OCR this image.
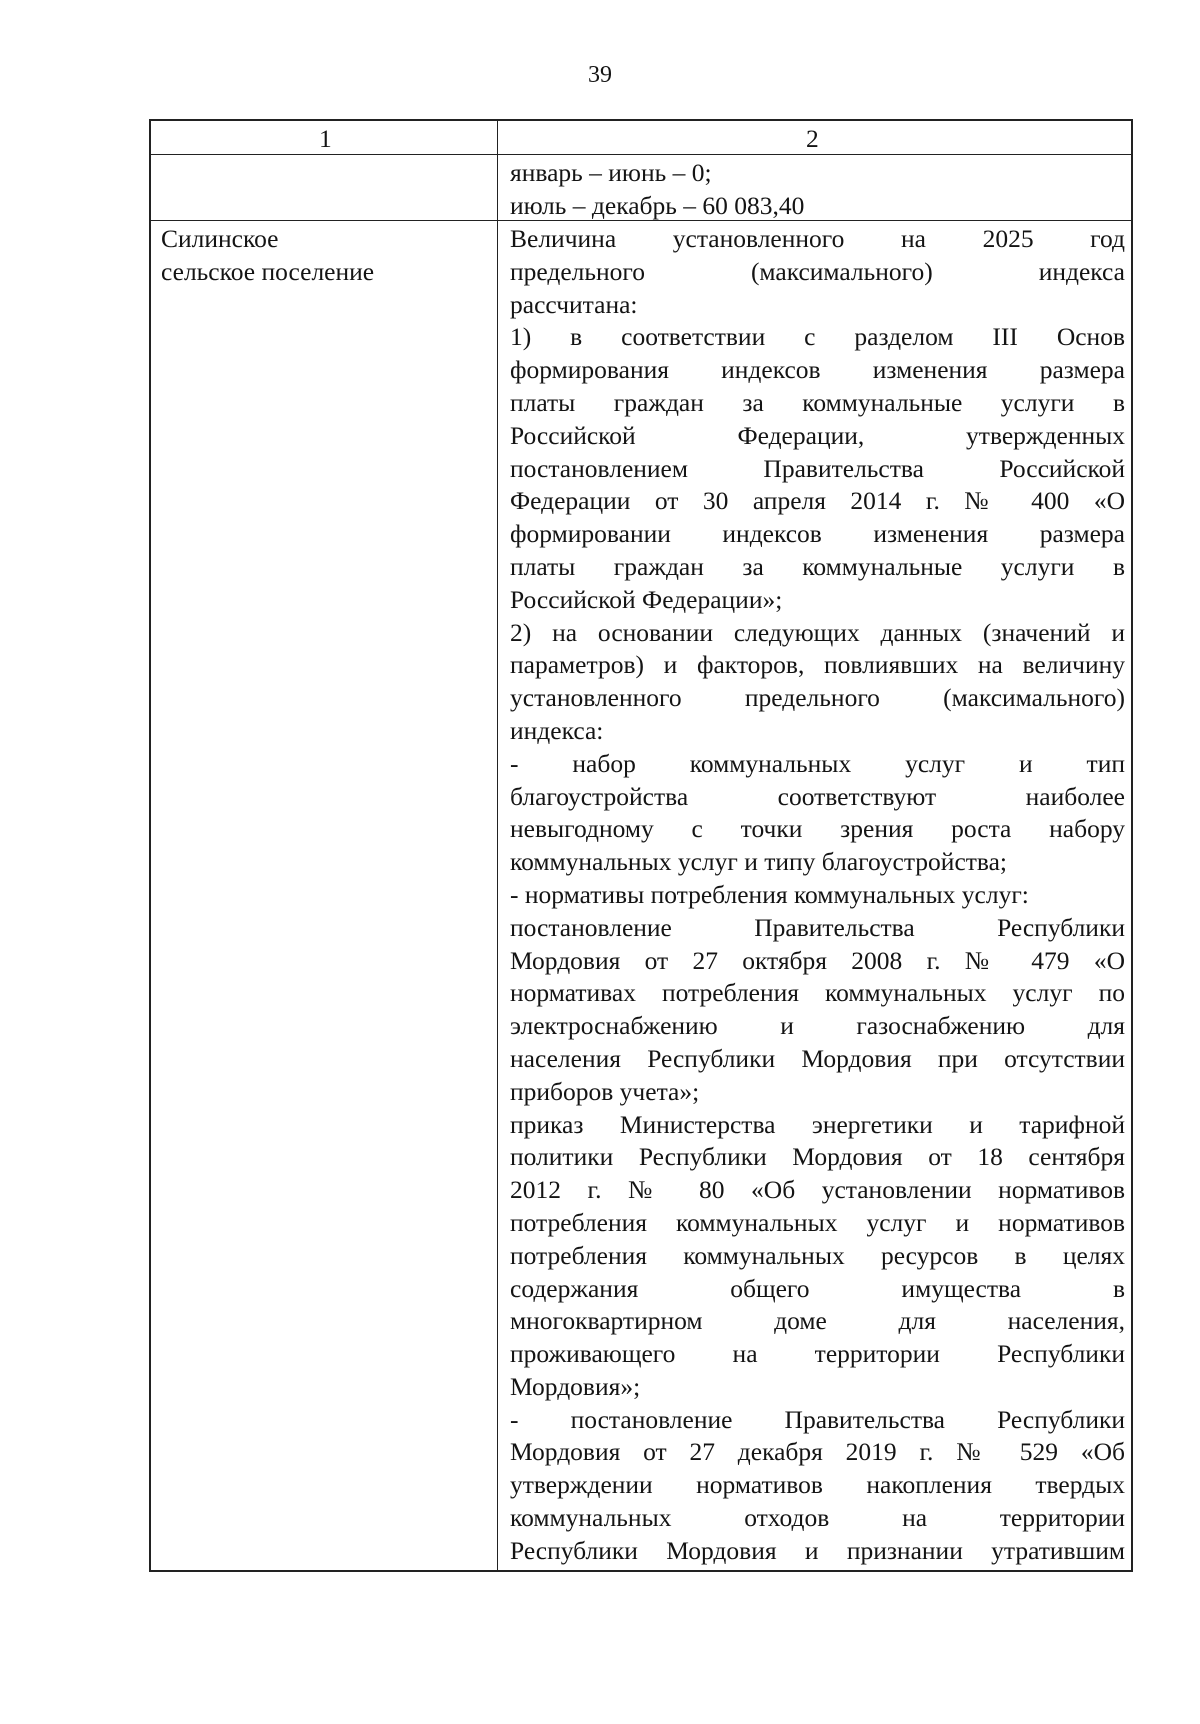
39
1	2
январь – июнь – 0;
июль – декабрь – 60 083,40
Силинское
сельское поселение
Величина установленного на 2025 год
предельного (максимального) индекса
рассчитана:
1) в соответствии с разделом III Основ
формирования индексов изменения размера
платы граждан за коммунальные услуги в
Российской Федерации, утвержденных
постановлением Правительства Российской
Федерации от 30 апреля 2014 г. № 400 «О
формировании индексов изменения размера
платы граждан за коммунальные услуги в
Российской Федерации»;
2) на основании следующих данных (значений и
параметров) и факторов, повлиявших на величину
установленного предельного (максимального)
индекса:
- набор коммунальных услуг и тип
благоустройства соответствуют наиболее
невыгодному с точки зрения роста набору
коммунальных услуг и типу благоустройства;
- нормативы потребления коммунальных услуг:
постановление Правительства Республики
Мордовия от 27 октября 2008 г. № 479 «О
нормативах потребления коммунальных услуг по
электроснабжению и газоснабжению для
населения Республики Мордовия при отсутствии
приборов учета»;
приказ Министерства энергетики и тарифной
политики Республики Мордовия от 18 сентября
2012 г. № 80 «Об установлении нормативов
потребления коммунальных услуг и нормативов
потребления коммунальных ресурсов в целях
содержания общего имущества в
многоквартирном доме для населения,
проживающего на территории Республики
Мордовия»;
- постановление Правительства Республики
Мордовия от 27 декабря 2019 г. № 529 «Об
утверждении нормативов накопления твердых
коммунальных отходов на территории
Республики Мордовия и признании утратившим
